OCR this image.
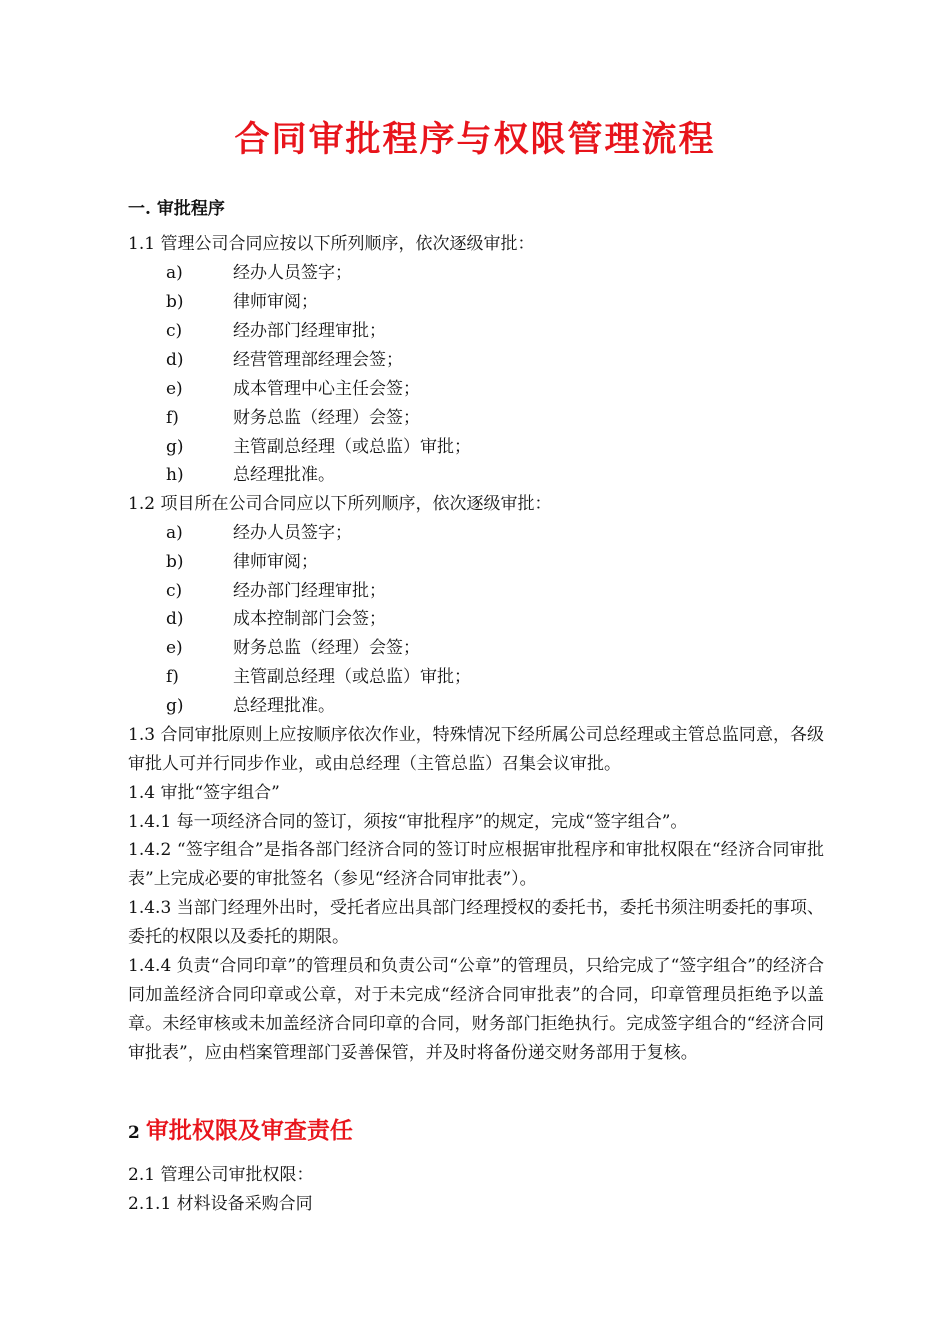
合同审批程序与权限管理流程
一. 审批程序
1.1 管理公司合同应按以下所列顺序，依次逐级审批：
a)	经办人员签字；
b)	律师审阅；
c)	经办部门经理审批；
d)	经营管理部经理会签；
e)	成本管理中心主任会签；
f)	财务总监（经理）会签；
g)	主管副总经理（或总监）审批；
h)	总经理批准。
1.2 项目所在公司合同应以下所列顺序，依次逐级审批：
a)	经办人员签字；
b)	律师审阅；
c)	经办部门经理审批；
d)	成本控制部门会签；
e)	财务总监（经理）会签；
f)	主管副总经理（或总监）审批；
g)	总经理批准。
1.3 合同审批原则上应按顺序依次作业，特殊情况下经所属公司总经理或主管总监同意，各级审批人可并行同步作业，或由总经理（主管总监）召集会议审批。
1.4 审批“签字组合”
1.4.1 每一项经济合同的签订，须按“审批程序”的规定，完成“签字组合”。
1.4.2 “签字组合”是指各部门经济合同的签订时应根据审批程序和审批权限在“经济合同审批表”上完成必要的审批签名（参见“经济合同审批表”）。
1.4.3 当部门经理外出时，受托者应出具部门经理授权的委托书，委托书须注明委托的事项、委托的权限以及委托的期限。
1.4.4 负责“合同印章”的管理员和负责公司“公章”的管理员，只给完成了“签字组合”的经济合同加盖经济合同印章或公章，对于未完成“经济合同审批表”的合同，印章管理员拒绝予以盖章。未经审核或未加盖经济合同印章的合同，财务部门拒绝执行。完成签字组合的“经济合同审批表”，应由档案管理部门妥善保管，并及时将备份递交财务部用于复核。
2 审批权限及审查责任
2.1 管理公司审批权限：
2.1.1 材料设备采购合同
